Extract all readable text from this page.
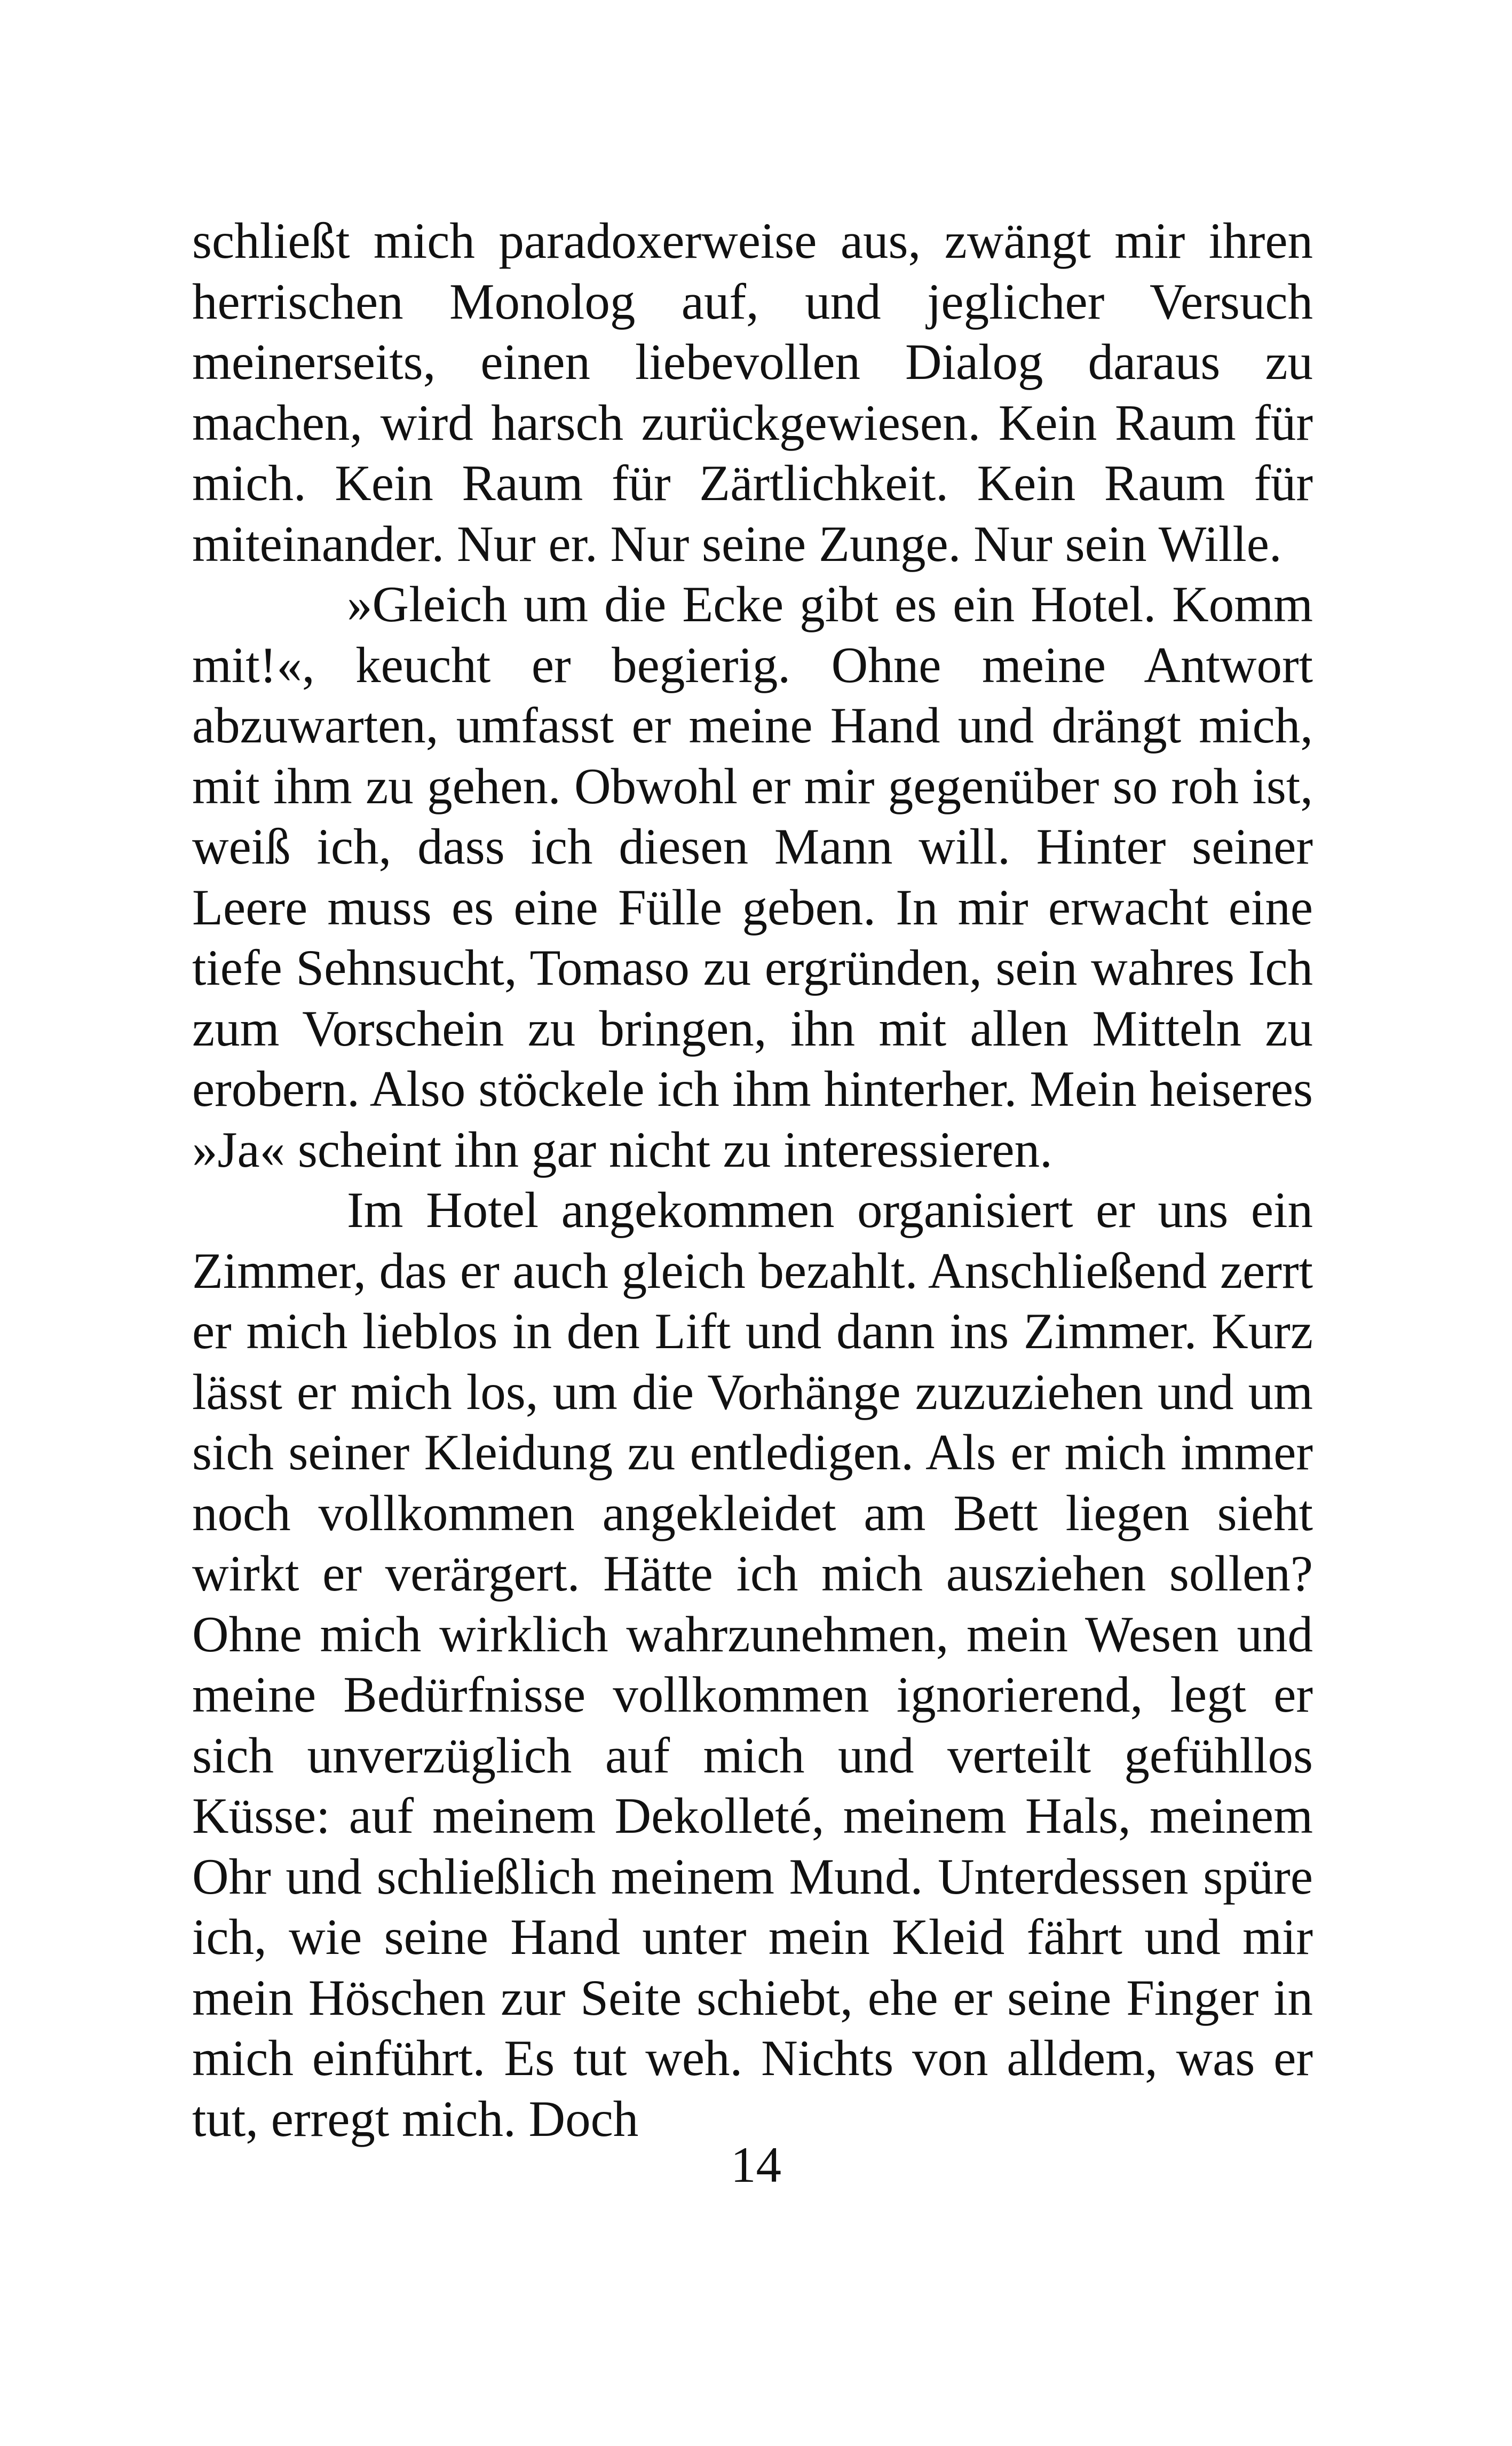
schließt mich paradoxerweise aus, zwängt mir ihren herrischen Monolog auf, und jeglicher Versuch meinerseits, einen liebevollen Dialog daraus zu machen, wird harsch zurückgewiesen. Kein Raum für mich. Kein Raum für Zärtlichkeit. Kein Raum für miteinander. Nur er. Nur seine Zunge. Nur sein Wille.

»Gleich um die Ecke gibt es ein Hotel. Komm mit!«, keucht er begierig. Ohne meine Antwort abzuwarten, umfasst er meine Hand und drängt mich, mit ihm zu gehen. Obwohl er mir gegenüber so roh ist, weiß ich, dass ich diesen Mann will. Hinter seiner Leere muss es eine Fülle geben. In mir erwacht eine tiefe Sehnsucht, Tomaso zu ergründen, sein wahres Ich zum Vorschein zu bringen, ihn mit allen Mitteln zu erobern. Also stöckele ich ihm hinterher. Mein heiseres »Ja« scheint ihn gar nicht zu interessieren.

Im Hotel angekommen organisiert er uns ein Zimmer, das er auch gleich bezahlt. Anschließend zerrt er mich lieblos in den Lift und dann ins Zimmer. Kurz lässt er mich los, um die Vorhänge zuzuziehen und um sich seiner Kleidung zu entledigen. Als er mich immer noch vollkommen angekleidet am Bett liegen sieht wirkt er verärgert. Hätte ich mich ausziehen sollen? Ohne mich wirklich wahrzunehmen, mein Wesen und meine Bedürfnisse vollkommen ignorierend, legt er sich unverzüglich auf mich und verteilt gefühllos Küsse: auf meinem Dekolleté, meinem Hals, meinem Ohr und schließlich meinem Mund. Unterdessen spüre ich, wie seine Hand unter mein Kleid fährt und mir mein Höschen zur Seite schiebt, ehe er seine Finger in mich einführt. Es tut weh. Nichts von alldem, was er tut, erregt mich. Doch

14
